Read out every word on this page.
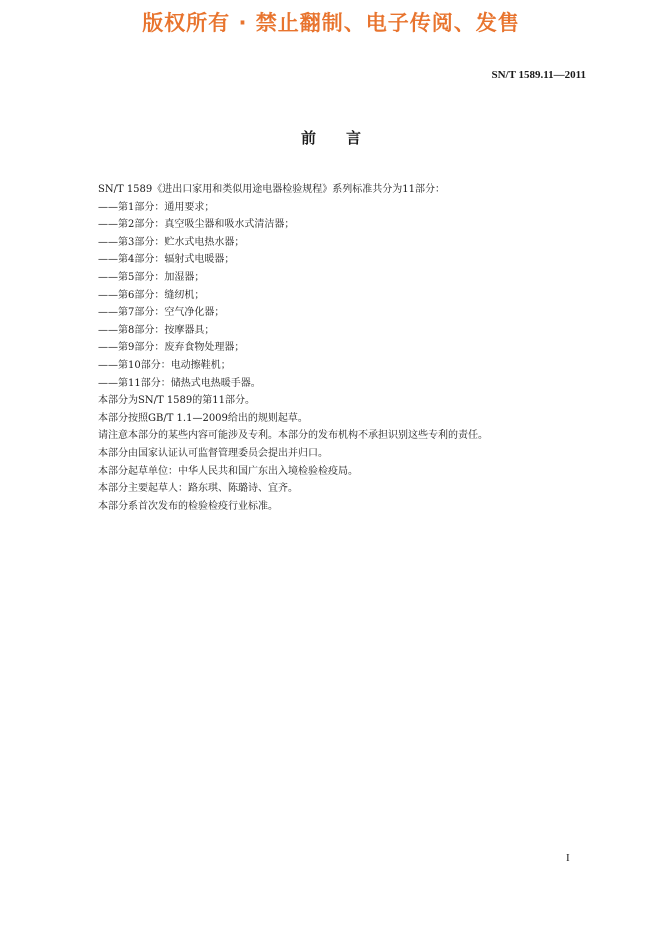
版权所有 · 禁止翻制、电子传阅、发售
SN/T 1589.11—2011
前言
SN/T 1589《进出口家用和类似用途电器检验规程》系列标准共分为11部分：
——第1部分：通用要求；
——第2部分：真空吸尘器和吸水式清洁器；
——第3部分：贮水式电热水器；
——第4部分：辐射式电暖器；
——第5部分：加湿器；
——第6部分：缝纫机；
——第7部分：空气净化器；
——第8部分：按摩器具；
——第9部分：废弃食物处理器；
——第10部分：电动擦鞋机；
——第11部分：储热式电热暖手器。
本部分为SN/T 1589的第11部分。
本部分按照GB/T 1.1—2009给出的规则起草。
请注意本部分的某些内容可能涉及专利。本部分的发布机构不承担识别这些专利的责任。
本部分由国家认证认可监督管理委员会提出并归口。
本部分起草单位：中华人民共和国广东出入境检验检疫局。
本部分主要起草人：路东琪、陈璐诗、宜齐。
本部分系首次发布的检验检疫行业标准。
I
